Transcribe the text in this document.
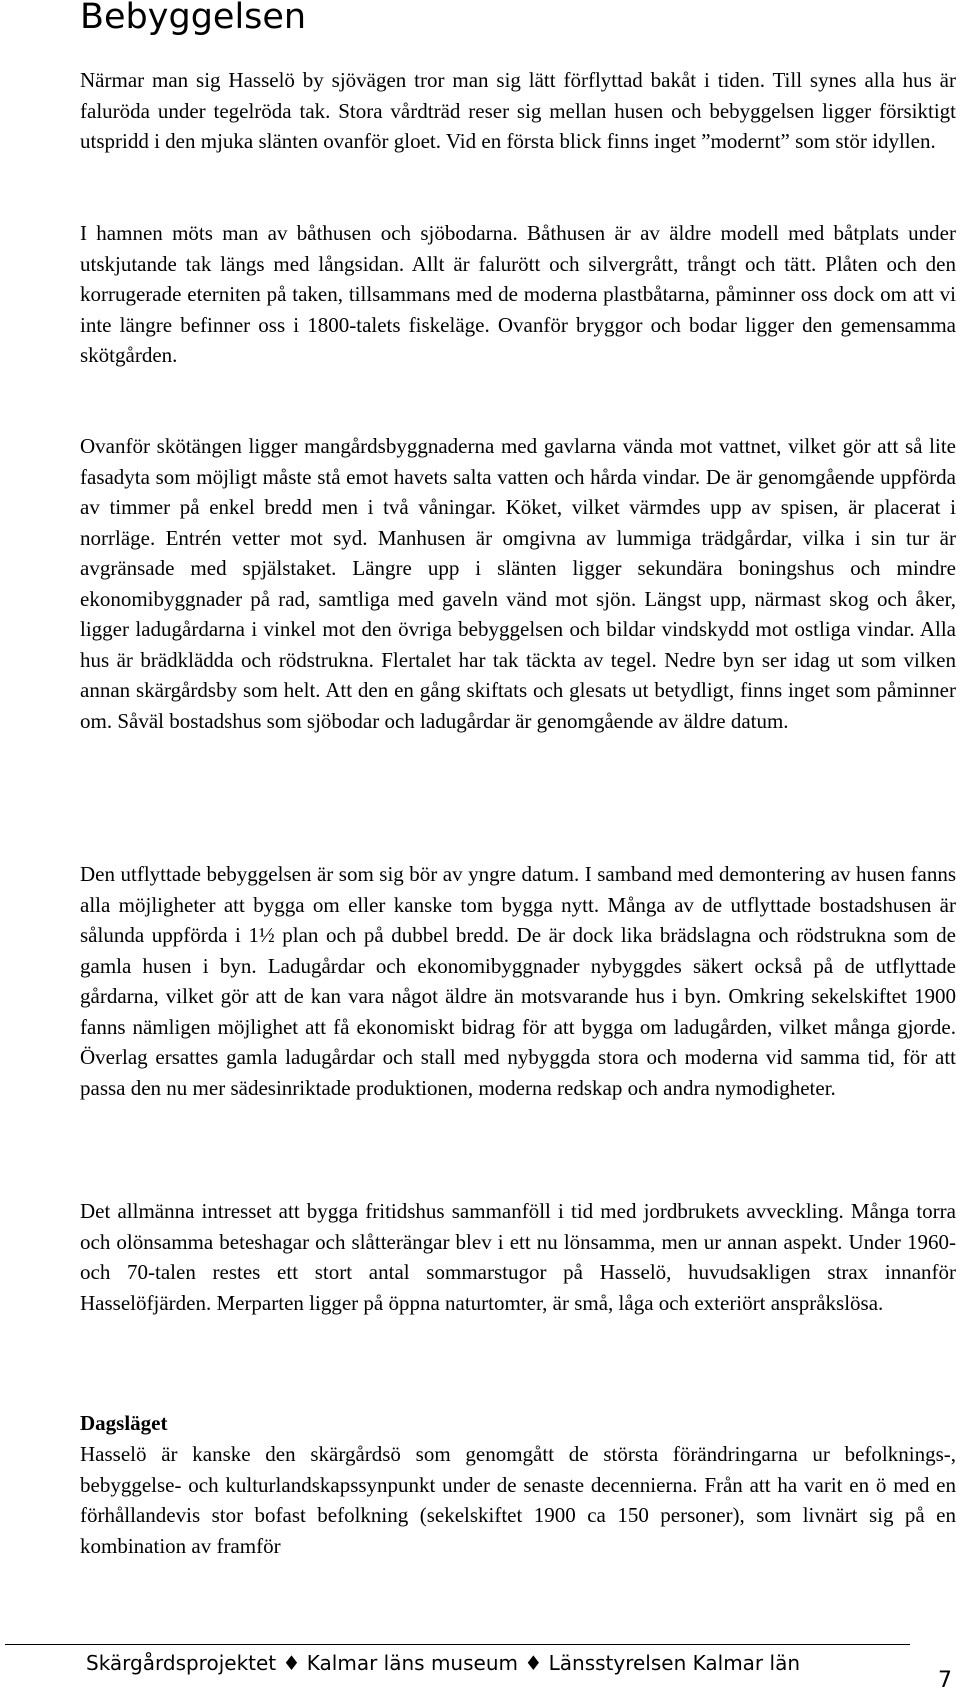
Bebyggelsen

Närmar man sig Hasselö by sjövägen tror man sig lätt förflyttad bakåt i tiden. Till synes alla hus är faluröda under tegelröda tak. Stora vårdträd reser sig mellan husen och bebyggelsen ligger försiktigt utspridd i den mjuka slänten ovanför gloet. Vid en första blick finns inget ”modernt” som stör idyllen.

I hamnen möts man av båthusen och sjöbodarna. Båthusen är av äldre modell med båtplats under utskjutande tak längs med långsidan. Allt är falurött och silvergrått, trångt och tätt. Plåten och den korrugerade eterniten på taken, tillsammans med de moderna plastbåtarna, påminner oss dock om att vi inte längre befinner oss i 1800-talets fiskeläge. Ovanför bryggor och bodar ligger den gemensamma skötgården.

Ovanför skötängen ligger mangårdsbyggnaderna med gavlarna vända mot vattnet, vilket gör att så lite fasadyta som möjligt måste stå emot havets salta vatten och hårda vindar. De är genomgående uppförda av timmer på enkel bredd men i två våningar. Köket, vilket värmdes upp av spisen, är placerat i norrläge. Entrén vetter mot syd. Manhusen är omgivna av lummiga trädgårdar, vilka i sin tur är avgränsade med spjälstaket. Längre upp i slänten ligger sekundära boningshus och mindre ekonomibyggnader på rad, samtliga med gaveln vänd mot sjön. Längst upp, närmast skog och åker, ligger ladugårdarna i vinkel mot den övriga bebyggelsen och bildar vindskydd mot ostliga vindar. Alla hus är brädklädda och rödstrukna. Flertalet har tak täckta av tegel. Nedre byn ser idag ut som vilken annan skärgårdsby som helt. Att den en gång skiftats och glesats ut betydligt, finns inget som påminner om. Såväl bostadshus som sjöbodar och ladugårdar är genomgående av äldre datum.

Den utflyttade bebyggelsen är som sig bör av yngre datum. I samband med demontering av husen fanns alla möjligheter att bygga om eller kanske tom bygga nytt. Många av de utflyttade bostadshusen är sålunda uppförda i 1½ plan och på dubbel bredd. De är dock lika brädslagna och rödstrukna som de gamla husen i byn. Ladugårdar och ekonomibyggnader nybyggdes säkert också på de utflyttade gårdarna, vilket gör att de kan vara något äldre än motsvarande hus i byn. Omkring sekelskiftet 1900 fanns nämligen möjlighet att få ekonomiskt bidrag för att bygga om ladugården, vilket många gjorde. Överlag ersattes gamla ladugårdar och stall med nybyggda stora och moderna vid samma tid, för att passa den nu mer sädesinriktade produktionen, moderna redskap och andra nymodigheter.

Det allmänna intresset att bygga fritidshus sammanföll i tid med jordbrukets avveckling. Många torra och olönsamma beteshagar och slåtterängar blev i ett nu lönsamma, men ur annan aspekt. Under 1960- och 70-talen restes ett stort antal sommarstugor på Hasselö, huvudsakligen strax innanför Hasselöfjärden. Merparten ligger på öppna naturtomter, är små, låga och exteriört anspråkslösa.

Dagsläget

Hasselö är kanske den skärgårdsö som genomgått de största förändringarna ur befolknings-, bebyggelse- och kulturlandskapssynpunkt under de senaste decennierna. Från att ha varit en ö med en förhållandevis stor bofast befolkning (sekelskiftet 1900 ca 150 personer), som livnärt sig på en kombination av framför

Skärgårdsprojektet ♦ Kalmar läns museum ♦ Länsstyrelsen Kalmar län
7
